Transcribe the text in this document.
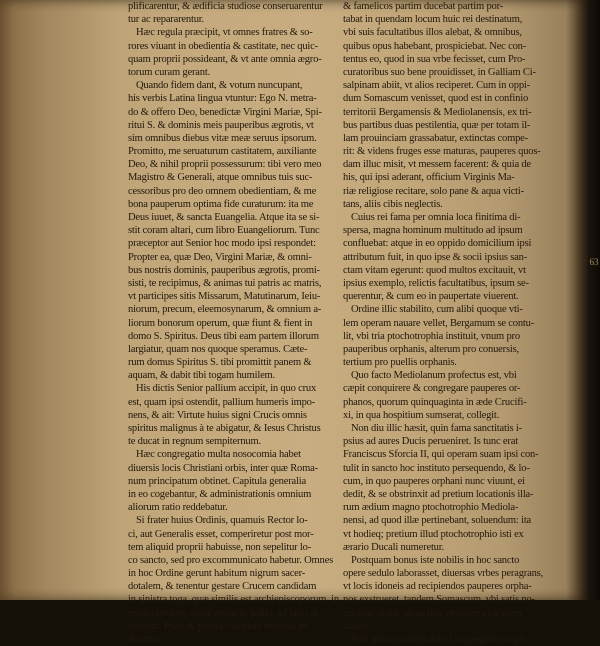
plificarentur, & ædificia studiose conseruarentur
tur ac repararentur.
Hæc regula præcipit, vt omnes fratres & so-
rores viuant in obedientia & castitate, nec quic-
quam proprii possideant, & vt ante omnia ægro-
torum curam gerant.
Quando fidem dant, & votum nuncupant,
his verbis Latina lingua vtuntur: Ego N. metra-
do & offero Deo, benedictæ Virgini Mariæ, Spi-
ritui S. & dominis meis pauperibus ægrotis, vt
sim omnibus diebus vitæ meæ seruus ipsorum.
Promitto, me seruaturum castitatem, auxiliante
Deo, & nihil proprii possessurum: tibi vero meo
Magistro & Generali, atque omnibus tuis suc-
cessoribus pro deo omnem obedientiam, & me
bona pauperum optima fide curaturum: ita me
Deus iuuet, & sancta Euangelia. Atque ita se si-
stit coram altari, cum libro Euangeliorum. Tunc
præceptor aut Senior hoc modo ipsi respondet:
Propter ea, quæ Deo, Virgini Mariæ, & omni-
bus nostris dominis, pauperibus ægrotis, promi-
sisti, te recipimus, & animas tui patris ac matris,
vt participes sitis Missarum, Matutinarum, Ieiu-
niorum, precum, eleemosynarum, & omnium a-
liorum bonorum operum, quæ fiunt & fient in
domo S. Spiritus. Deus tibi eam partem illorum
largiatur, quam nos quoque speramus. Cæte-
rum domus Spiritus S. tibi promittit panem &
aquam, & dabit tibi togam humilem.
His dictis Senior pallium accipit, in quo crux
est, quam ipsi ostendit, pallium humeris impo-
nens, & ait: Virtute huius signi Crucis omnis
spiritus malignus à te abigatur, & Iesus Christus
te ducat in regnum sempiternum.
Hæc congregatio multa nosocomia habet
diuersis locis Christiani orbis, inter quæ Roma-
num principatum obtinet. Capitula generalia
in eo cogebantur, & administrationis omnium
aliorum ratio reddebatur.
Si frater huius Ordinis, quamuis Rector lo-
ci, aut Generalis esset, comperiretur post mor-
tem aliquid proprii habuisse, non sepelitur lo-
co sancto, sed pro excommunicato habetur. Omnes
in hoc Ordine gerunt habitum nigrum sacer-
dotalem, & tenentur gestare Crucem candidam
in sinistra toga, quæ similis est archiepiscoporum, in
medio pectore, atque etiam in pallio, ad latus si-
nistrum. Pueri & puellæ cæruleis vestibus in-
duuntur.
& famelicos partim ducebat partim por-
tabat in quendam locum huic rei destinatum,
vbi suis facultatibus illos alebat, & omnibus,
quibus opus habebant, prospiciebat. Nec con-
tentus eo, quod in sua vrbe fecisset, cum Pro-
curatoribus suo bene prouidisset, in Galliam Ci-
salpinam abiit, vt alios reciperet. Cum in oppi-
dum Somascum venisset, quod est in confinio
territorii Bergamensis & Mediolanensis, ex tri-
bus partibus duas pestilentia, quæ per totam il-
lam prouinciam grassabatur, extinctas compe-
rit: & videns fruges esse maturas, pauperes quos-
dam illuc misit, vt messem facerent: & quia de
his, qui ipsi aderant, officium Virginis Ma-
riæ religiose recitare, solo pane & aqua victi-
tans, aliis cibis neglectis.
Cuius rei fama per omnia loca finitima di-
spersa, magna hominum multitudo ad ipsum
confluebat: atque in eo oppido domicilium ipsi
attributum fuit, in quo ipse & socii ipsius san-
ctam vitam egerunt: quod multos excitauit, vt
ipsius exemplo, relictis facultatibus, ipsum se-
querentur, & cum eo in paupertate viuerent.
Ordine illic stabilito, cum alibi quoque vti-
lem operam nauare vellet, Bergamum se contu-
lit, vbi tria ptochotrophia instituit, vnum pro
pauperibus orphanis, alterum pro conuersis,
tertium pro puellis orphanis.
Quo facto Mediolanum profectus est, vbi
cæpit conquirere & congregare pauperes or-
phanos, quorum quinquaginta in æde Crucifi-
xi, in qua hospitium sumserat, collegit.
Non diu illic hæsit, quin fama sanctitatis i-
psius ad aures Ducis perueniret. Is tunc erat
Franciscus Sforcia II, qui operam suam ipsi con-
tulit in sancto hoc instituto persequendo, & lo-
cum, in quo pauperes orphani nunc viuunt, ei
dedit, & se obstrinxit ad pretium locationis illa-
rum ædium magno ptochotrophio Mediola-
nensi, ad quod illæ pertinebant, soluendum: ita
vt hodieq; pretium illud ptochotrophio isti ex
ærario Ducali numeretur.
Postquam bonus iste nobilis in hoc sancto
opere sedulo laborasset, diuersas vrbes peragrans,
vt locis idoneis ad recipiendos pauperes orpha-
nos exstrueret, tandem Somascum, vbi satis no-
tus erat, rediit, atque illic vltimum vitæ diem
clausit.
Post ipsius mortem hæc Congregatio magis
63
